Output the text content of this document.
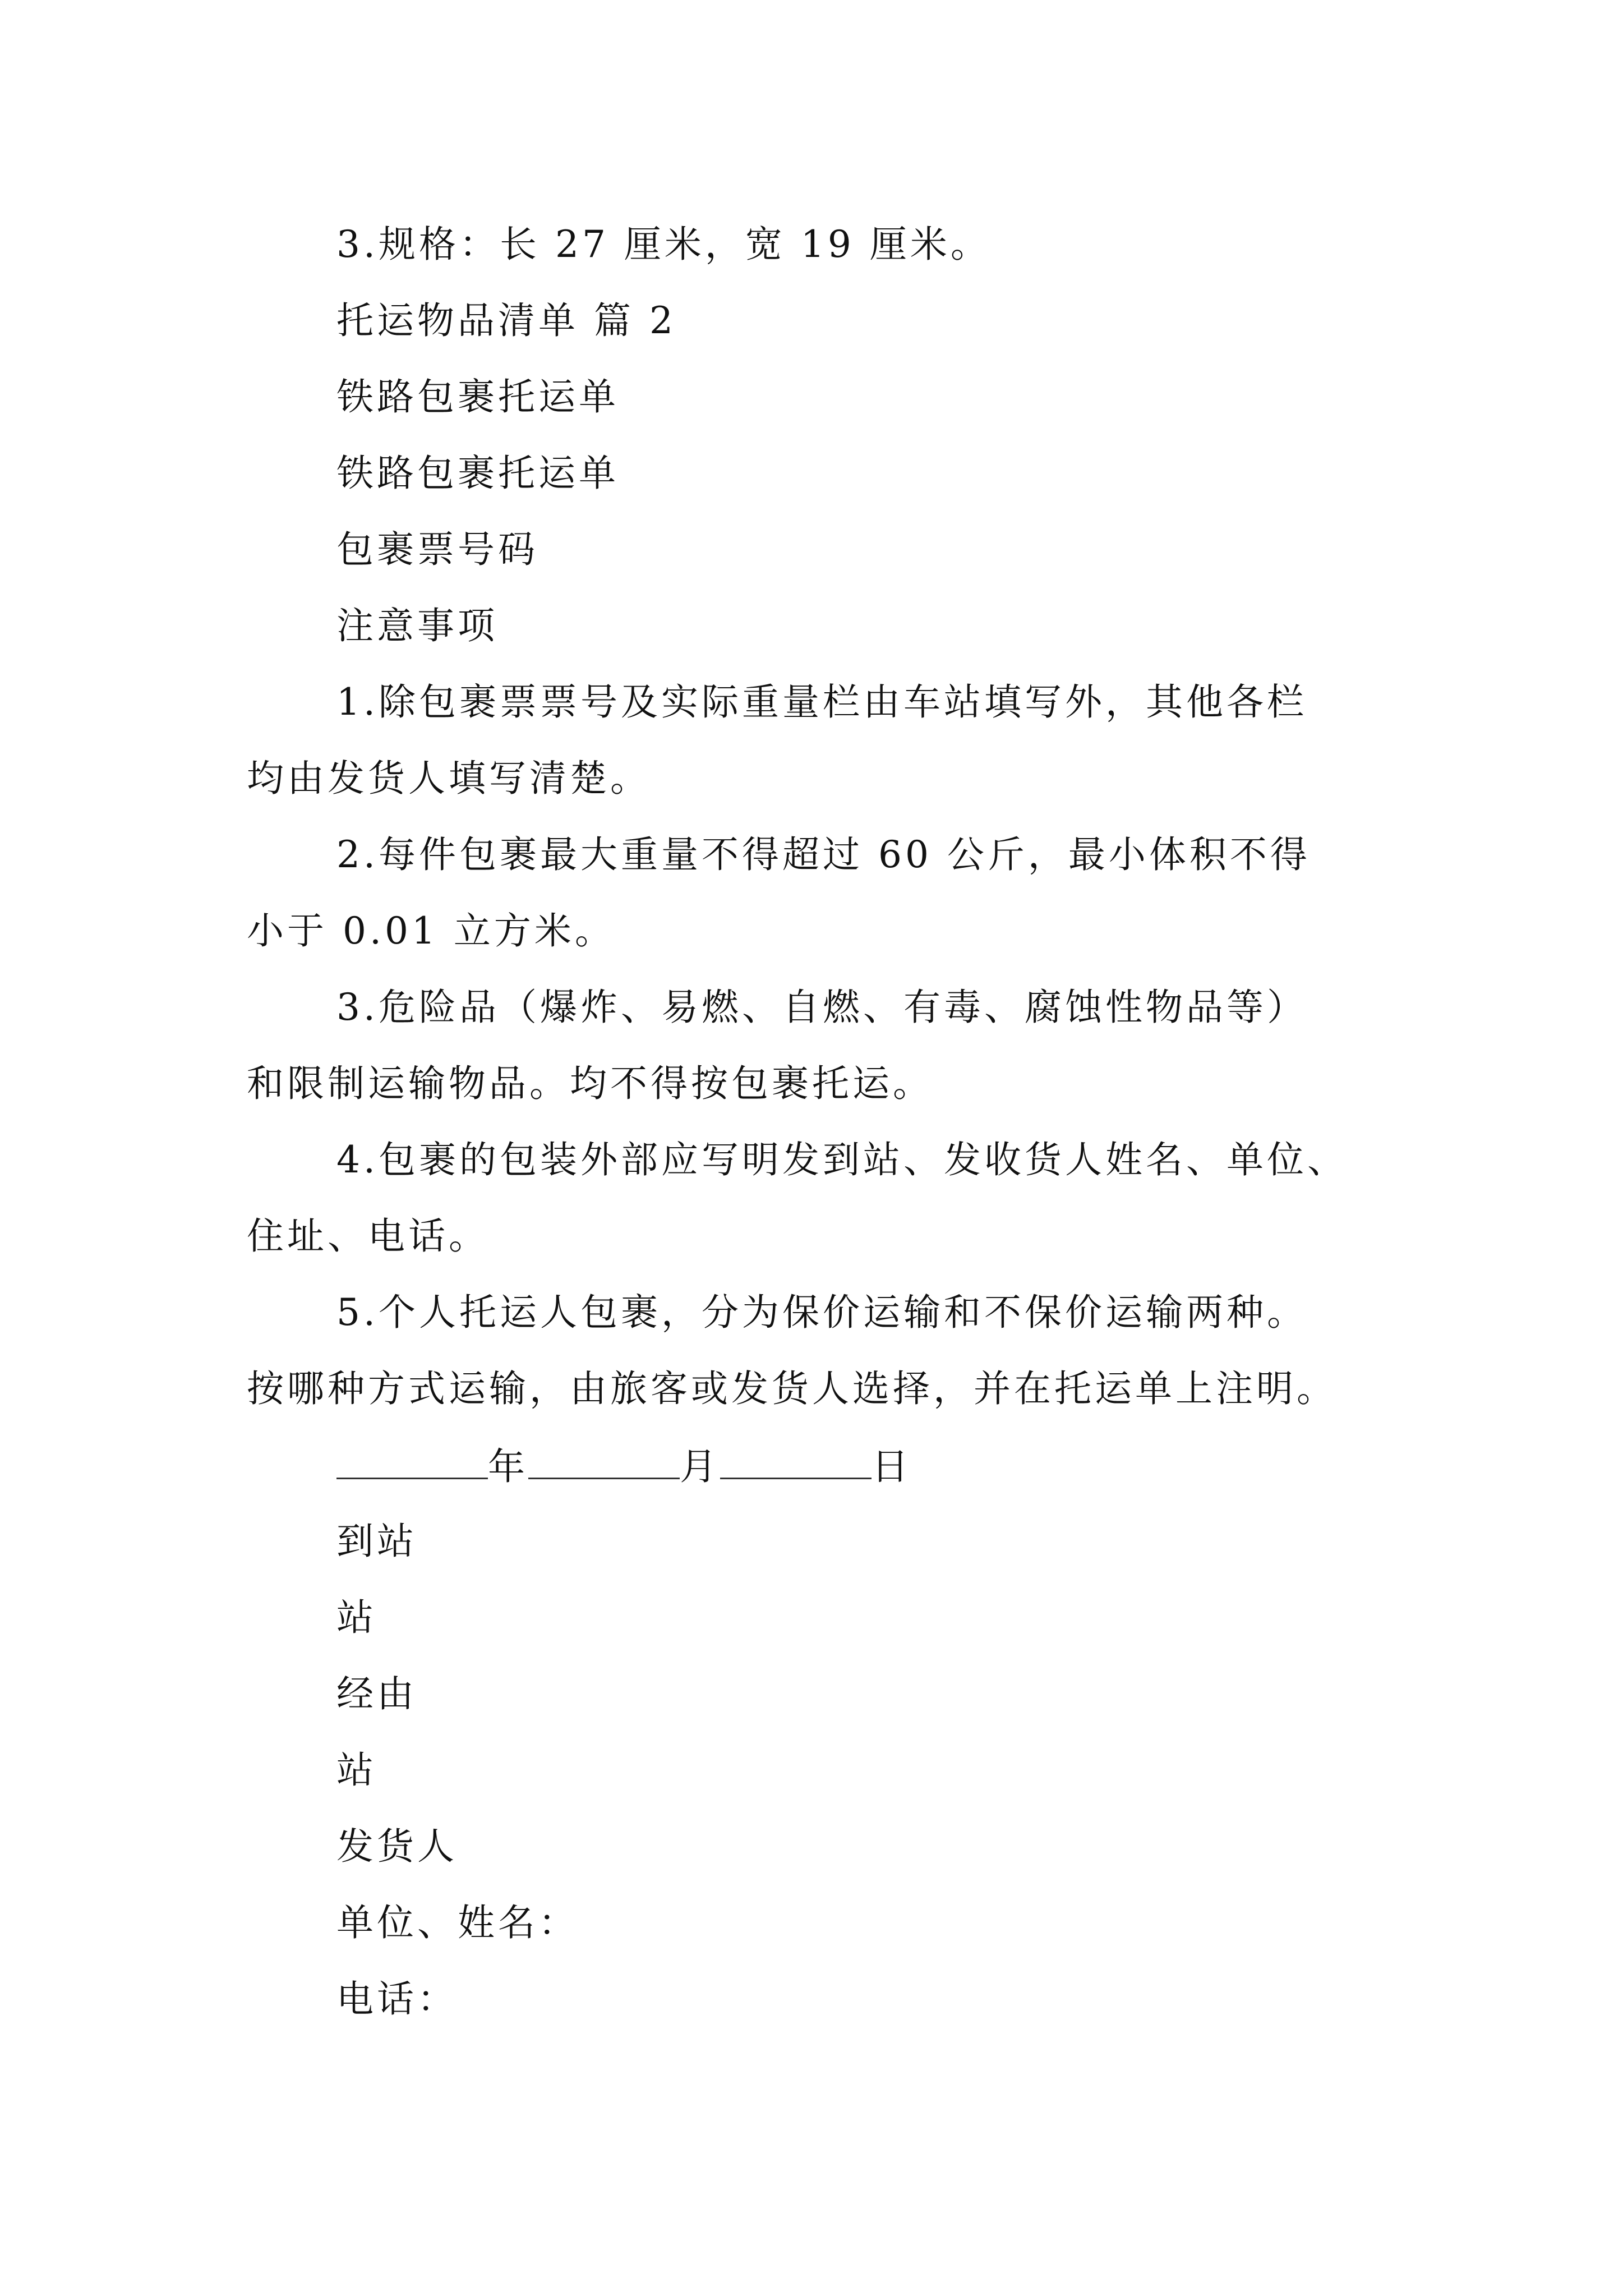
3.规格：长 27 厘米，宽 19 厘米。
托运物品清单 篇 2
铁路包裹托运单
铁路包裹托运单
包裹票号码
注意事项
1.除包裹票票号及实际重量栏由车站填写外，其他各栏
均由发货人填写清楚。
2.每件包裹最大重量不得超过 60 公斤，最小体积不得
小于 0.01 立方米。
3.危险品（爆炸、易燃、自燃、有毒、腐蚀性物品等）
和限制运输物品。均不得按包裹托运。
4.包裹的包装外部应写明发到站、发收货人姓名、单位、
住址、电话。
5.个人托运人包裹，分为保价运输和不保价运输两种。
按哪种方式运输，由旅客或发货人选择，并在托运单上注明。
年	月	日
到站
站
经由
站
发货人
单位、姓名：
电话：
